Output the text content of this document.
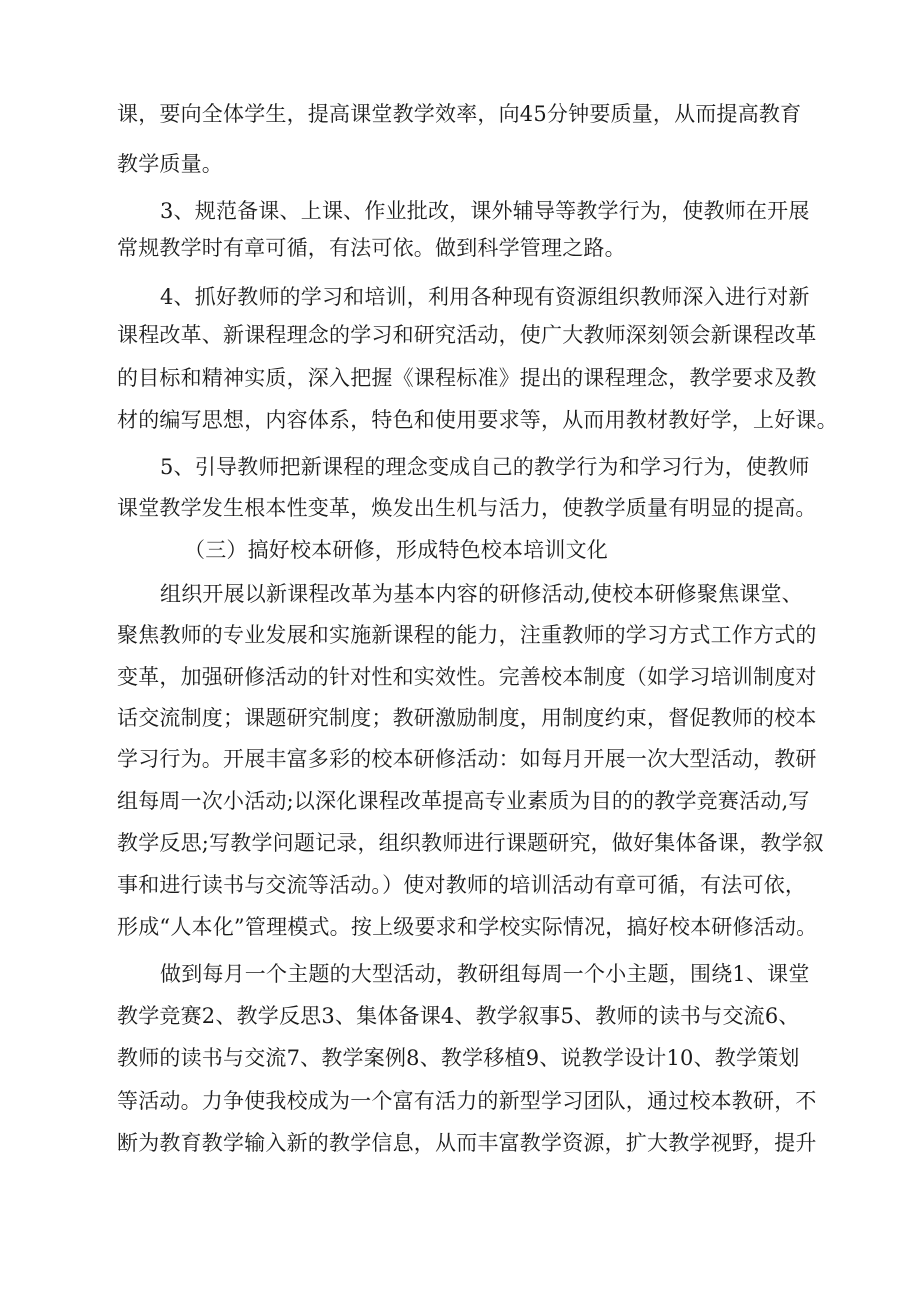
课，要向全体学生，提高课堂教学效率，向45分钟要质量，从而提高教育
教学质量。
3、规范备课、上课、作业批改，课外辅导等教学行为，使教师在开展
常规教学时有章可循，有法可依。做到科学管理之路。
4、抓好教师的学习和培训，利用各种现有资源组织教师深入进行对新
课程改革、新课程理念的学习和研究活动，使广大教师深刻领会新课程改革
的目标和精神实质，深入把握《课程标准》提出的课程理念，教学要求及教
材的编写思想，内容体系，特色和使用要求等，从而用教材教好学，上好课。
5、引导教师把新课程的理念变成自己的教学行为和学习行为，使教师
课堂教学发生根本性变革，焕发出生机与活力，使教学质量有明显的提高。
（三）搞好校本研修，形成特色校本培训文化
组织开展以新课程改革为基本内容的研修活动,使校本研修聚焦课堂、
聚焦教师的专业发展和实施新课程的能力，注重教师的学习方式工作方式的
变革，加强研修活动的针对性和实效性。完善校本制度（如学习培训制度对
话交流制度；课题研究制度；教研激励制度，用制度约束，督促教师的校本
学习行为。开展丰富多彩的校本研修活动：如每月开展一次大型活动，教研
组每周一次小活动;以深化课程改革提高专业素质为目的的教学竞赛活动,写
教学反思;写教学问题记录，组织教师进行课题研究，做好集体备课，教学叙
事和进行读书与交流等活动。）使对教师的培训活动有章可循，有法可依，
形成“人本化”管理模式。按上级要求和学校实际情况，搞好校本研修活动。
做到每月一个主题的大型活动，教研组每周一个小主题，围绕1、课堂
教学竞赛2、教学反思3、集体备课4、教学叙事5、教师的读书与交流6、
教师的读书与交流7、教学案例8、教学移植9、说教学设计10、教学策划
等活动。力争使我校成为一个富有活力的新型学习团队，通过校本教研，不
断为教育教学输入新的教学信息，从而丰富教学资源，扩大教学视野，提升
